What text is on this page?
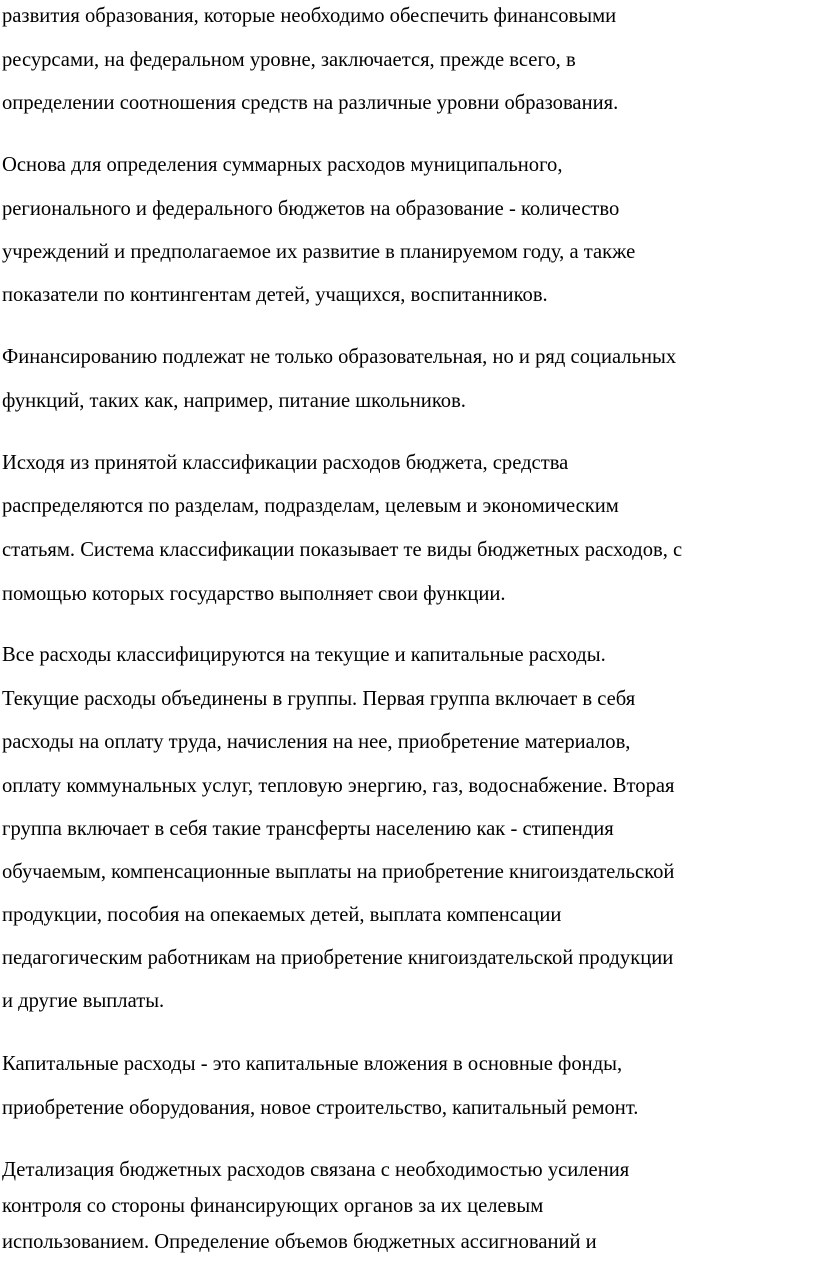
развития образования, которые необходимо обеспечить финансовыми
ресурсами, на федеральном уровне, заключается, прежде всего, в
определении соотношения средств на различные уровни образования.
Основа для определения суммарных расходов муниципального,
регионального и федерального бюджетов на образование - количество
учреждений и предполагаемое их развитие в планируемом году, а также
показатели по контингентам детей, учащихся, воспитанников.
Финансированию подлежат не только образовательная, но и ряд социальных
функций, таких как, например, питание школьников.
Исходя из принятой классификации расходов бюджета, средства
распределяются по разделам, подразделам, целевым и экономическим
статьям. Система классификации показывает те виды бюджетных расходов, с
помощью которых государство выполняет свои функции.
Все расходы классифицируются на текущие и капитальные расходы.
Текущие расходы объединены в группы. Первая группа включает в себя
расходы на оплату труда, начисления на нее, приобретение материалов,
оплату коммунальных услуг, тепловую энергию, газ, водоснабжение. Вторая
группа включает в себя такие трансферты населению как - стипендия
обучаемым, компенсационные выплаты на приобретение книгоиздательской
продукции, пособия на опекаемых детей, выплата компенсации
педагогическим работникам на приобретение книгоиздательской продукции
и другие выплаты.
Капитальные расходы - это капитальные вложения в основные фонды,
приобретение оборудования, новое строительство, капитальный ремонт.
Детализация бюджетных расходов связана с необходимостью усиления
контроля со стороны финансирующих органов за их целевым
использованием. Определение объемов бюджетных ассигнований и
